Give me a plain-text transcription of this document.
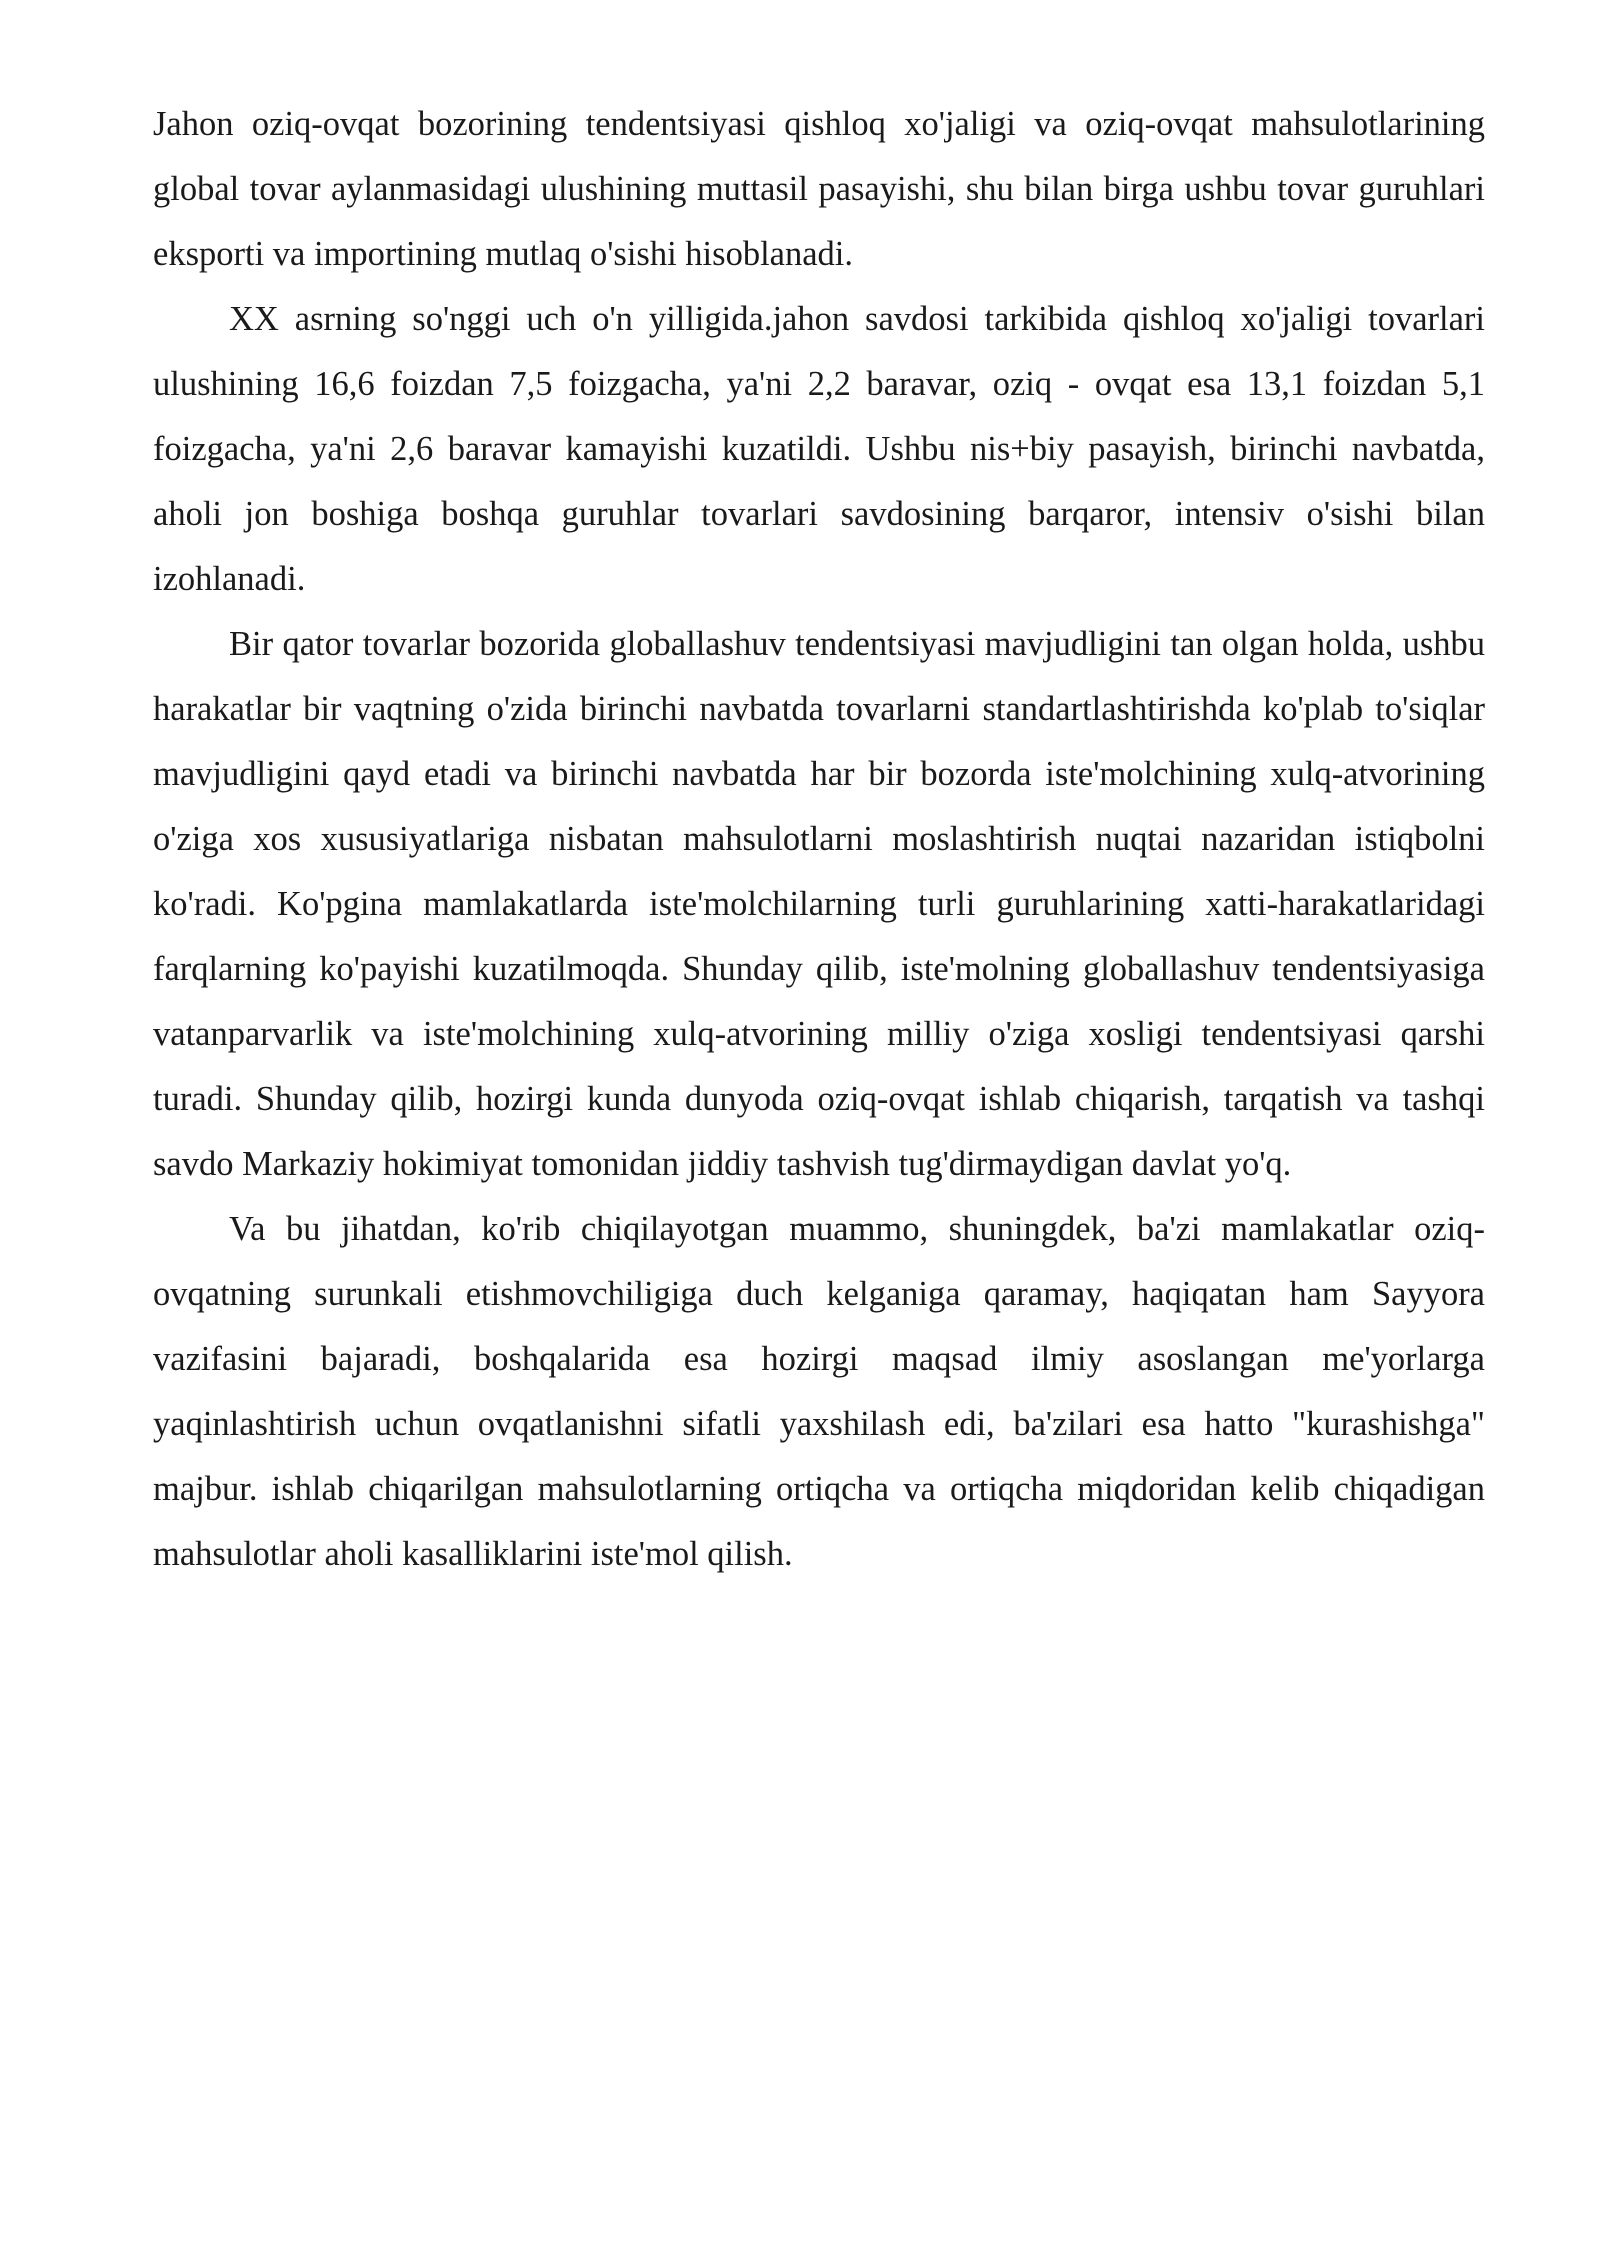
Jahon oziq-ovqat bozorining tendentsiyasi qishloq xo'jaligi va oziq-ovqat mahsulotlarining global tovar aylanmasidagi ulushining muttasil pasayishi, shu bilan birga ushbu tovar guruhlari eksporti va importining mutlaq o'sishi hisoblanadi.

XX asrning so'nggi uch o'n yilligida.jahon savdosi tarkibida qishloq xo'jaligi tovarlari ulushining 16,6 foizdan 7,5 foizgacha, ya'ni 2,2 baravar, oziq - ovqat esa 13,1 foizdan 5,1 foizgacha, ya'ni 2,6 baravar kamayishi kuzatildi. Ushbu nis+biy pasayish, birinchi navbatda, aholi jon boshiga boshqa guruhlar tovarlari savdosining barqaror, intensiv o'sishi bilan izohlanadi.

Bir qator tovarlar bozorida globallashuv tendentsiyasi mavjudligini tan olgan holda, ushbu harakatlar bir vaqtning o'zida birinchi navbatda tovarlarni standartlashtirishda ko'plab to'siqlar mavjudligini qayd etadi va birinchi navbatda har bir bozorda iste'molchining xulq-atvorining o'ziga xos xususiyatlariga nisbatan mahsulotlarni moslashtirish nuqtai nazaridan istiqbolni ko'radi. Ko'pgina mamlakatlarda iste'molchilarning turli guruhlarining xatti-harakatlaridagi farqlarning ko'payishi kuzatilmoqda. Shunday qilib, iste'molning globallashuv tendentsiyasiga vatanparvarlik va iste'molchining xulq-atvorining milliy o'ziga xosligi tendentsiyasi qarshi turadi. Shunday qilib, hozirgi kunda dunyoda oziq-ovqat ishlab chiqarish, tarqatish va tashqi savdo Markaziy hokimiyat tomonidan jiddiy tashvish tug'dirmaydigan davlat yo'q.

Va bu jihatdan, ko'rib chiqilayotgan muammo, shuningdek, ba'zi mamlakatlar oziq-ovqatning surunkali etishmovchiligiga duch kelganiga qaramay, haqiqatan ham Sayyora vazifasini bajaradi, boshqalarida esa hozirgi maqsad ilmiy asoslangan me'yorlarga yaqinlashtirish uchun ovqatlanishni sifatli yaxshilash edi, ba'zilari esa hatto "kurashishga" majbur. ishlab chiqarilgan mahsulotlarning ortiqcha va ortiqcha miqdoridan kelib chiqadigan mahsulotlar aholi kasalliklarini iste'mol qilish.
